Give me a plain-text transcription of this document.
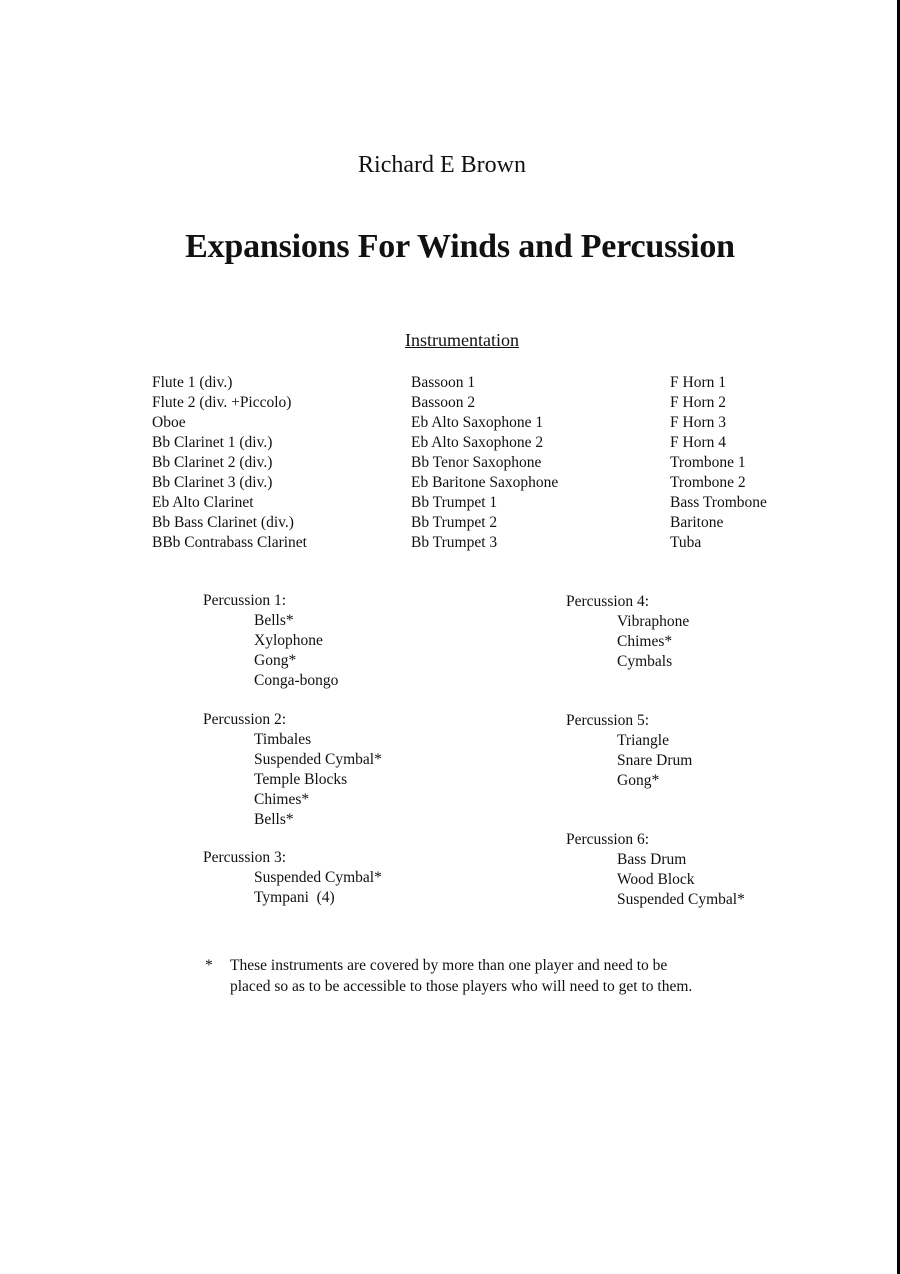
Richard E Brown
Expansions For Winds and Percussion
Instrumentation
Flute 1 (div.)
Flute 2 (div. +Piccolo)
Oboe
Bb Clarinet 1 (div.)
Bb Clarinet 2 (div.)
Bb Clarinet 3 (div.)
Eb Alto Clarinet
Bb Bass Clarinet (div.)
BBb Contrabass Clarinet
Bassoon 1
Bassoon 2
Eb Alto Saxophone 1
Eb Alto Saxophone 2
Bb Tenor Saxophone
Eb Baritone Saxophone
Bb Trumpet 1
Bb Trumpet 2
Bb Trumpet 3
F Horn 1
F Horn 2
F Horn 3
F Horn 4
Trombone 1
Trombone 2
Bass Trombone
Baritone
Tuba
Percussion 1:
Bells*
Xylophone
Gong*
Conga-bongo
Percussion 2:
Timbales
Suspended Cymbal*
Temple Blocks
Chimes*
Bells*
Percussion 3:
Suspended Cymbal*
Tympani  (4)
Percussion 4:
Vibraphone
Chimes*
Cymbals
Percussion 5:
Triangle
Snare Drum
Gong*
Percussion 6:
Bass Drum
Wood Block
Suspended Cymbal*
* These instruments are covered by more than one player and need to be
placed so as to be accessible to those players who will need to get to them.
